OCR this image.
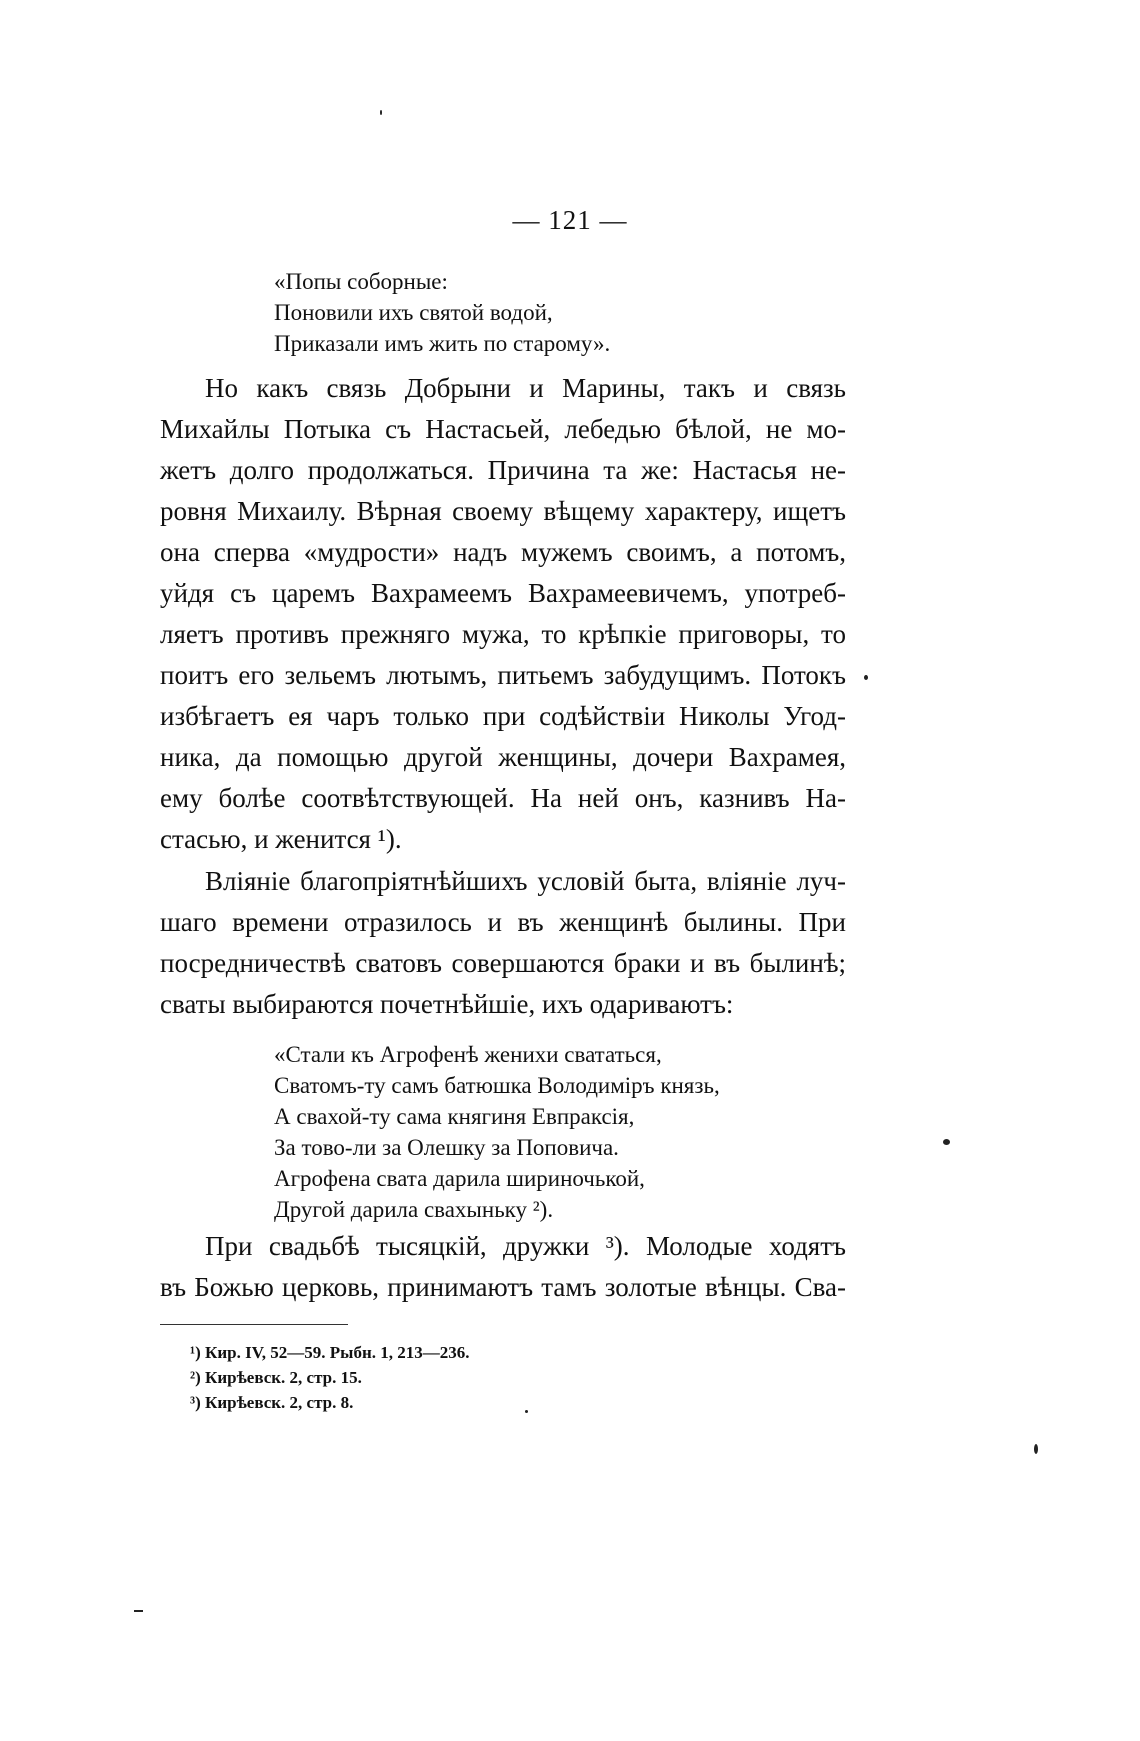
— 121 —
«Попы соборные:
Поновили ихъ святой водой,
Приказали имъ жить по старому».
Но какъ связь Добрыни и Марины, такъ и связь
Михайлы Потыка съ Настасьей, лебедью бѣлой, не мо-
жетъ долго продолжаться. Причина та же: Настасья не-
ровня Михаилу. Вѣрная своему вѣщему характеру, ищетъ
она сперва «мудрости» надъ мужемъ своимъ, а потомъ,
уйдя съ царемъ Вахрамеемъ Вахрамеевичемъ, употреб-
ляетъ противъ прежняго мужа, то крѣпкіе приговоры, то
поитъ его зельемъ лютымъ, питьемъ забудущимъ. Потокъ
избѣгаетъ ея чаръ только при содѣйствіи Николы Угод-
ника, да помощью другой женщины, дочери Вахрамея,
ему болѣе соотвѣтствующей. На ней онъ, казнивъ На-
стасью, и женится ¹).
Вліяніе благопріятнѣйшихъ условій быта, вліяніе луч-
шаго времени отразилось и въ женщинѣ былины. При
посредничествѣ сватовъ совершаются браки и въ былинѣ;
сваты выбираются почетнѣйшіе, ихъ одариваютъ:
«Стали къ Агрофенѣ женихи свататься,
Сватомъ-ту самъ батюшка Володиміръ князь,
А свахой-ту сама княгиня Евпраксія,
За тово-ли за Олешку за Поповича.
Агрофена свата дарила шириночькой,
Другой дарила свахыньку ²).
При свадьбѣ тысяцкій, дружки ³). Молодые ходятъ
въ Божью церковь, принимаютъ тамъ золотые вѣнцы. Сва-
¹) Кир. IV, 52—59. Рыбн. 1, 213—236.
²) Кирѣевск. 2, стр. 15.
³) Кирѣевск. 2, стр. 8.
